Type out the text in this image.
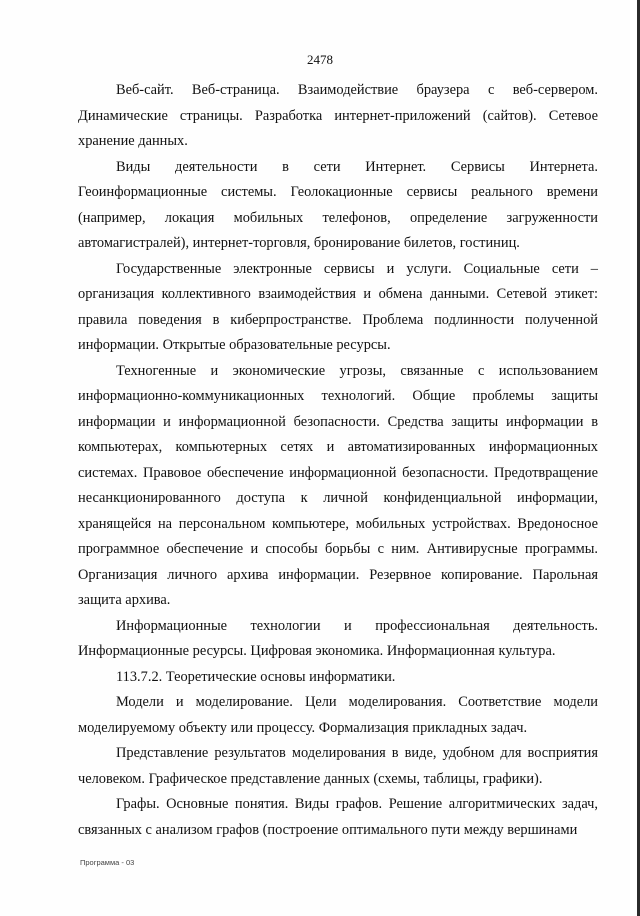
2478

Веб-сайт. Веб-страница. Взаимодействие браузера с веб-сервером. Динамические страницы. Разработка интернет-приложений (сайтов). Сетевое хранение данных.

Виды деятельности в сети Интернет. Сервисы Интернета. Геоинформационные системы. Геолокационные сервисы реального времени (например, локация мобильных телефонов, определение загруженности автомагистралей), интернет-торговля, бронирование билетов, гостиниц.

Государственные электронные сервисы и услуги. Социальные сети – организация коллективного взаимодействия и обмена данными. Сетевой этикет: правила поведения в киберпространстве. Проблема подлинности полученной информации. Открытые образовательные ресурсы.

Техногенные и экономические угрозы, связанные с использованием информационно-коммуникационных технологий. Общие проблемы защиты информации и информационной безопасности. Средства защиты информации в компьютерах, компьютерных сетях и автоматизированных информационных системах. Правовое обеспечение информационной безопасности. Предотвращение несанкционированного доступа к личной конфиденциальной информации, хранящейся на персональном компьютере, мобильных устройствах. Вредоносное программное обеспечение и способы борьбы с ним. Антивирусные программы. Организация личного архива информации. Резервное копирование. Парольная защита архива.

Информационные технологии и профессиональная деятельность. Информационные ресурсы. Цифровая экономика. Информационная культура.

113.7.2. Теоретические основы информатики.

Модели и моделирование. Цели моделирования. Соответствие модели моделируемому объекту или процессу. Формализация прикладных задач.

Представление результатов моделирования в виде, удобном для восприятия человеком. Графическое представление данных (схемы, таблицы, графики).

Графы. Основные понятия. Виды графов. Решение алгоритмических задач, связанных с анализом графов (построение оптимального пути между вершинами

Программа - 03
